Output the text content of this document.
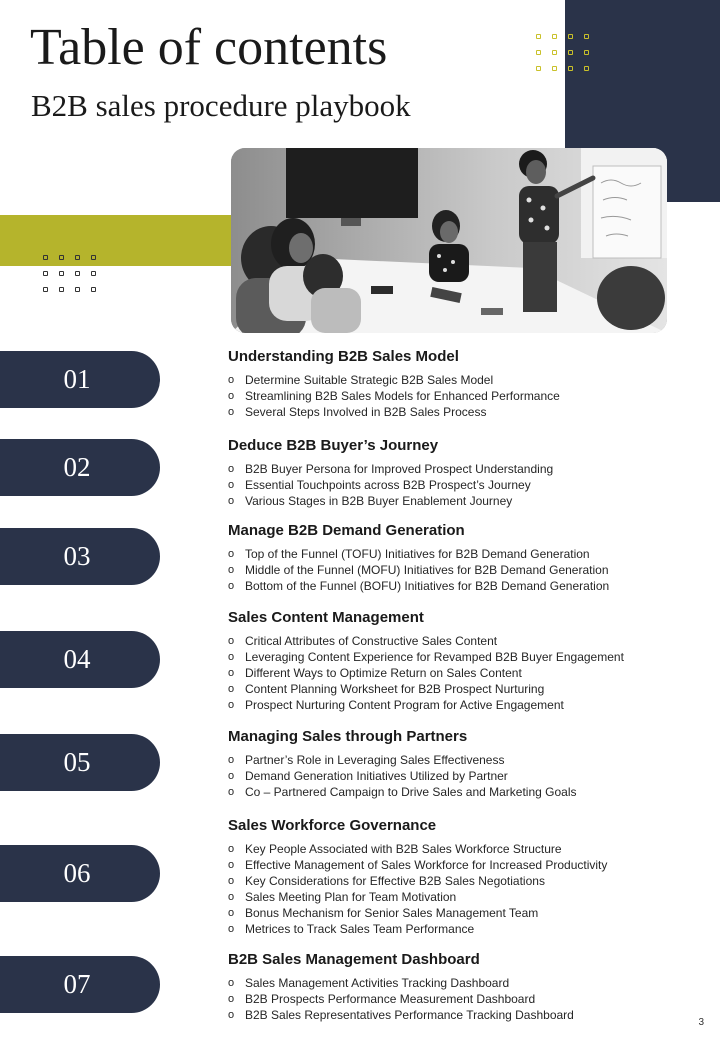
Table of contents
B2B sales procedure playbook
01
02
03
04
05
06
07
Understanding B2B Sales Model
o Determine Suitable Strategic B2B Sales Model
o Streamlining B2B Sales Models for Enhanced Performance
o Several Steps Involved in B2B Sales Process
Deduce B2B Buyer’s Journey
o B2B Buyer Persona for Improved Prospect Understanding
o Essential Touchpoints across B2B Prospect’s Journey
o Various Stages in B2B Buyer Enablement Journey
Manage B2B Demand Generation
o Top of the Funnel (TOFU) Initiatives for B2B Demand Generation
o Middle of the Funnel (MOFU) Initiatives for B2B Demand Generation
o Bottom of the Funnel (BOFU) Initiatives for B2B Demand Generation
Sales Content Management
o Critical Attributes of Constructive Sales Content
o Leveraging Content Experience for Revamped B2B Buyer Engagement
o Different Ways to Optimize Return on Sales Content
o Content Planning Worksheet for B2B Prospect Nurturing
o Prospect Nurturing Content Program for Active Engagement
Managing Sales through Partners
o Partner’s Role in Leveraging Sales Effectiveness
o Demand Generation Initiatives Utilized by Partner
o Co – Partnered Campaign to Drive Sales and Marketing Goals
Sales Workforce Governance
o Key People Associated with B2B Sales Workforce Structure
o Effective Management of Sales Workforce for Increased Productivity
o Key Considerations for Effective B2B Sales Negotiations
o Sales Meeting Plan for Team Motivation
o Bonus Mechanism for Senior Sales Management Team
o Metrices to Track Sales Team Performance
B2B Sales Management Dashboard
o Sales Management Activities Tracking Dashboard
o B2B Prospects Performance Measurement Dashboard
o B2B Sales Representatives Performance Tracking Dashboard
3
